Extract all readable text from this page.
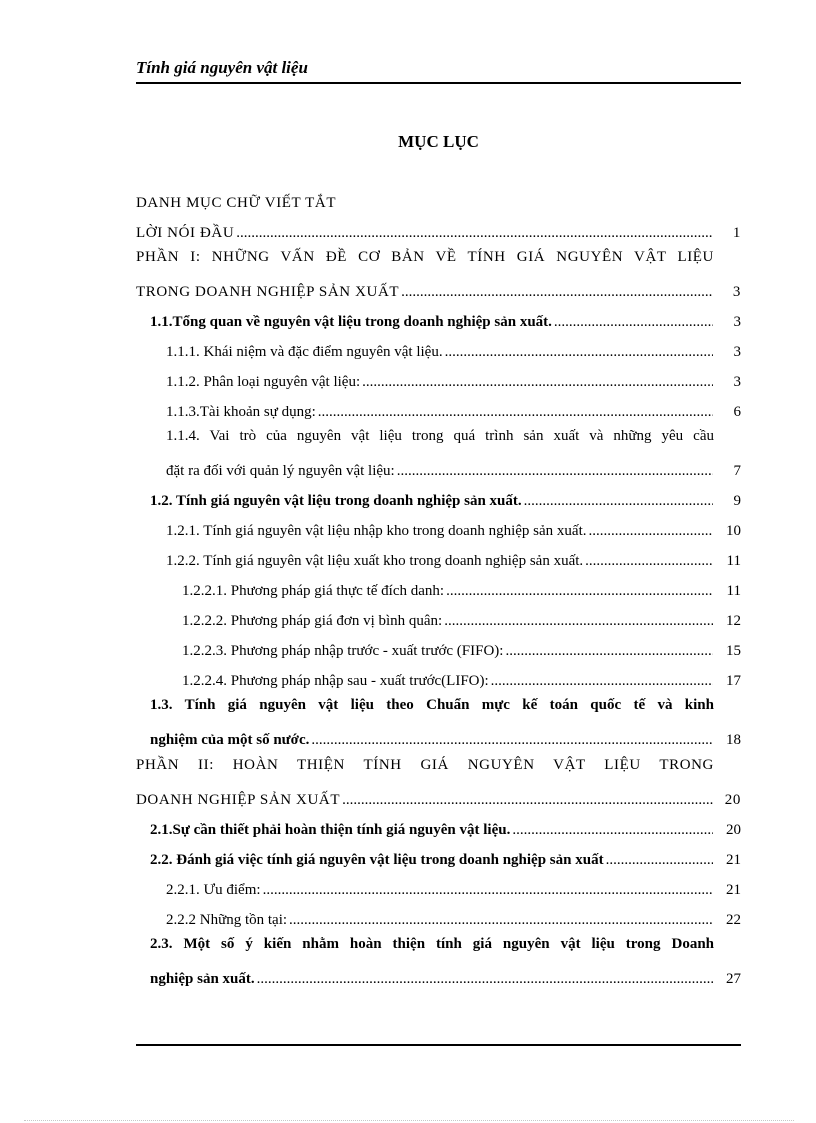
Tính giá nguyên vật liệu
MỤC LỤC
DANH MỤC CHỮ VIẾT TẮT
LỜI NÓI ĐẦU .....	1
PHẦN I: NHỮNG VẤN ĐỀ CƠ BẢN VỀ TÍNH GIÁ NGUYÊN VẬT LIỆU
TRONG DOANH NGHIỆP SẢN XUẤT .....	3
1.1.Tổng quan về nguyên vật liệu trong doanh nghiệp sản xuất. .....	3
1.1.1. Khái niệm và đặc điểm nguyên vật liệu. .....	3
1.1.2. Phân loại nguyên vật liệu: .....	3
1.1.3.Tài khoản sự dụng: .....	6
1.1.4. Vai trò của nguyên vật liệu trong quá trình sản xuất và những yêu cầu
đặt ra đối với quản lý nguyên vật liệu: .....	7
1.2. Tính giá nguyên vật liệu trong doanh nghiệp sản xuất. .....	9
1.2.1. Tính giá nguyên vật liệu nhập kho trong doanh nghiệp sản xuất. .....	10
1.2.2. Tính giá nguyên vật liệu xuất kho trong doanh nghiệp sản xuất. .....	11
1.2.2.1. Phương pháp giá thực tế đích danh: .....	11
1.2.2.2. Phương pháp giá đơn vị bình quân: .....	12
1.2.2.3. Phương pháp nhập trước - xuất trước (FIFO): .....	15
1.2.2.4. Phương pháp nhập sau - xuất trước(LIFO): .....	17
1.3. Tính giá nguyên vật liệu theo Chuẩn mực kế toán quốc tế và kinh
nghiệm của một số nước. .....	18
PHẦN II: HOÀN THIỆN TÍNH GIÁ NGUYÊN VẬT LIỆU TRONG
DOANH NGHIỆP SẢN XUẤT .....	20
2.1.Sự cần thiết phải hoàn thiện tính giá nguyên vật liệu. .....	20
2.2. Đánh giá việc tính giá nguyên vật liệu trong doanh nghiệp sản xuất .....	21
2.2.1. Ưu điểm: .....	21
2.2.2 Những tồn tại: .....	22
2.3. Một số ý kiến nhằm hoàn thiện tính giá nguyên vật liệu trong Doanh
nghiệp sản xuất. .....	27
